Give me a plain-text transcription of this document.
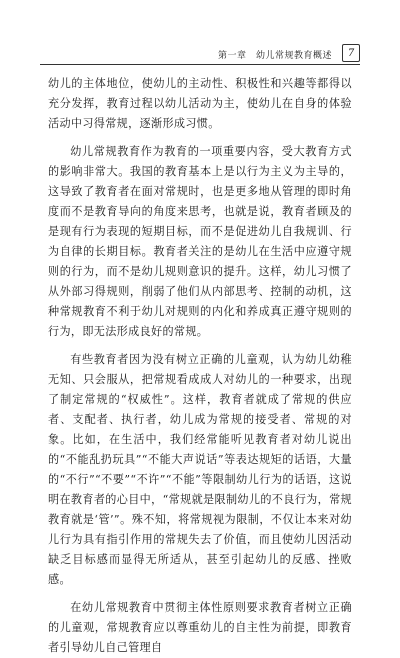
第一章　幼儿常规教育概述	7

幼儿的主体地位，使幼儿的主动性、积极性和兴趣等都得以充分发挥，教育过程以幼儿活动为主，使幼儿在自身的体验活动中习得常规，逐渐形成习惯。

幼儿常规教育作为教育的一项重要内容，受大教育方式的影响非常大。我国的教育基本上是以行为主义为主导的，这导致了教育者在面对常规时，也是更多地从管理的即时角度而不是教育导向的角度来思考，也就是说，教育者顾及的是现有行为表现的短期目标，而不是促进幼儿自我规训、行为自律的长期目标。教育者关注的是幼儿在生活中应遵守规则的行为，而不是幼儿规则意识的提升。这样，幼儿习惯了从外部习得规则，削弱了他们从内部思考、控制的动机，这种常规教育不利于幼儿对规则的内化和养成真正遵守规则的行为，即无法形成良好的常规。

有些教育者因为没有树立正确的儿童观，认为幼儿幼稚无知、只会服从，把常规看成成人对幼儿的一种要求，出现了制定常规的“权威性”。这样，教育者就成了常规的供应者、支配者、执行者，幼儿成为常规的接受者、常规的对象。比如，在生活中，我们经常能听见教育者对幼儿说出的“不能乱扔玩具”“不能大声说话”等表达规矩的话语，大量的“不行”“不要”“不许”“不能”等限制幼儿行为的话语，这说明在教育者的心目中，“常规就是限制幼儿的不良行为，常规教育就是‘管’”。殊不知，将常规视为限制，不仅让本来对幼儿行为具有指引作用的常规失去了价值，而且使幼儿因活动缺乏目标感而显得无所适从，甚至引起幼儿的反感、挫败感。

在幼儿常规教育中贯彻主体性原则要求教育者树立正确的儿童观，常规教育应以尊重幼儿的自主性为前提，即教育者引导幼儿自己管理自
